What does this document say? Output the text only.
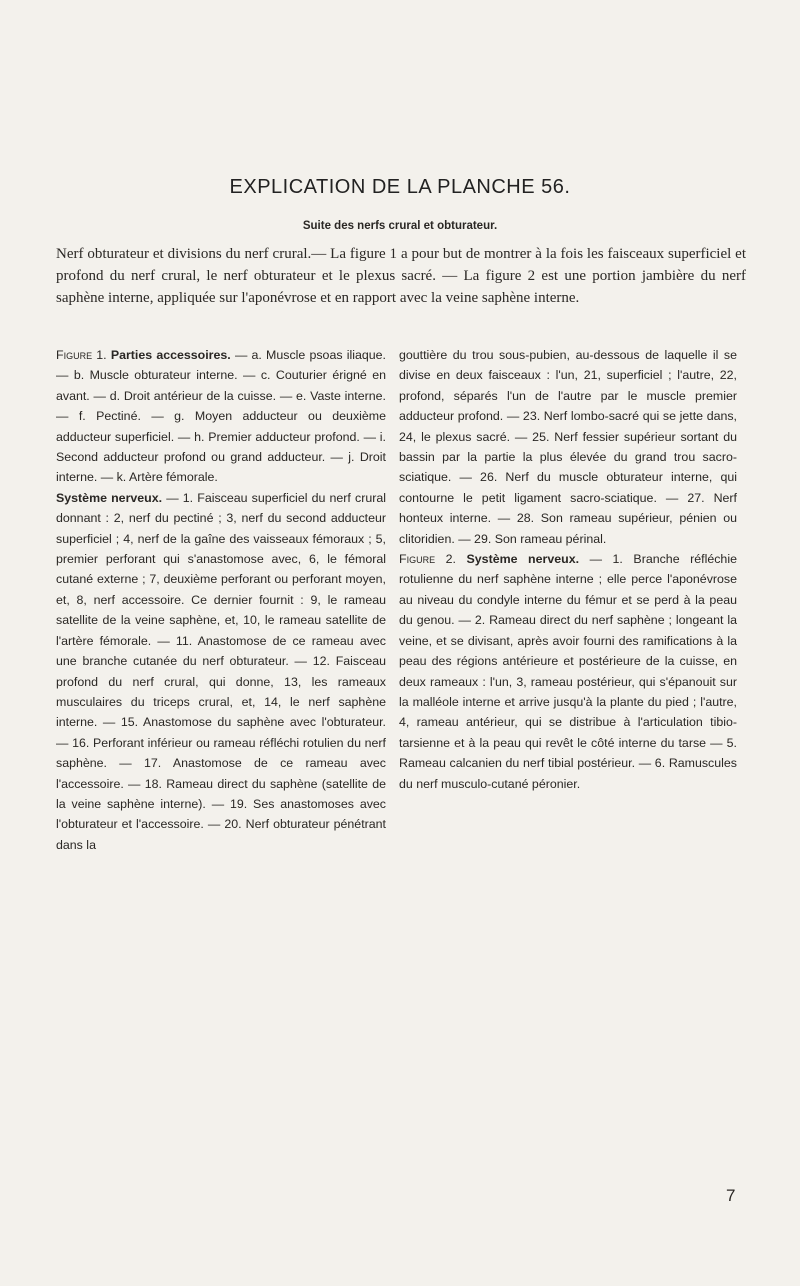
EXPLICATION DE LA PLANCHE 56.
Suite des nerfs crural et obturateur.

Nerf obturateur et divisions du nerf crural.— La figure 1 a pour but de montrer à la fois les faisceaux superficiel et profond du nerf crural, le nerf obturateur et le plexus sacré. — La figure 2 est une portion jambière du nerf saphène interne, appliquée sur l'aponévrose et en rapport avec la veine saphène interne.

Figure 1. Parties accessoires. — a. Muscle psoas iliaque. — b. Muscle obturateur interne. — c. Couturier érigné en avant. — d. Droit antérieur de la cuisse. — e. Vaste interne. — f. Pectiné. — g. Moyen adducteur ou deuxième adducteur superficiel. — h. Premier adducteur profond. — i. Second adducteur profond ou grand adducteur. — j. Droit interne. — k. Artère fémorale.

Système nerveux. — 1. Faisceau superficiel du nerf crural donnant : 2, nerf du pectiné ; 3, nerf du second adducteur superficiel ; 4, nerf de la gaîne des vaisseaux fémoraux ; 5, premier perforant qui s'anastomose avec, 6, le fémoral cutané externe ; 7, deuxième perforant ou perforant moyen, et, 8, nerf accessoire. Ce dernier fournit : 9, le rameau satellite de la veine saphène, et, 10, le rameau satellite de l'artère fémorale. — 11. Anastomose de ce rameau avec une branche cutanée du nerf obturateur. — 12. Faisceau profond du nerf crural, qui donne, 13, les rameaux musculaires du triceps crural, et, 14, le nerf saphène interne. — 15. Anastomose du saphène avec l'obturateur. — 16. Perforant inférieur ou rameau réfléchi rotulien du nerf saphène. — 17. Anastomose de ce rameau avec l'accessoire. — 18. Rameau direct du saphène (satellite de la veine saphène interne). — 19. Ses anastomoses avec l'obturateur et l'accessoire. — 20. Nerf obturateur pénétrant dans la

gouttière du trou sous-pubien, au-dessous de laquelle il se divise en deux faisceaux : l'un, 21, superficiel ; l'autre, 22, profond, séparés l'un de l'autre par le muscle premier adducteur profond. — 23. Nerf lombo-sacré qui se jette dans, 24, le plexus sacré. — 25. Nerf fessier supérieur sortant du bassin par la partie la plus élevée du grand trou sacro-sciatique. — 26. Nerf du muscle obturateur interne, qui contourne le petit ligament sacro-sciatique. — 27. Nerf honteux interne. — 28. Son rameau supérieur, pénien ou clitoridien. — 29. Son rameau périnal.

Figure 2. Système nerveux. — 1. Branche réfléchie rotulienne du nerf saphène interne ; elle perce l'aponévrose au niveau du condyle interne du fémur et se perd à la peau du genou. — 2. Rameau direct du nerf saphène ; longeant la veine, et se divisant, après avoir fourni des ramifications à la peau des régions antérieure et postérieure de la cuisse, en deux rameaux : l'un, 3, rameau postérieur, qui s'épanouit sur la malléole interne et arrive jusqu'à la plante du pied ; l'autre, 4, rameau antérieur, qui se distribue à l'articulation tibio-tarsienne et à la peau qui revêt le côté interne du tarse — 5. Rameau calcanien du nerf tibial postérieur. — 6. Ramuscules du nerf musculo-cutané péronier.

7
